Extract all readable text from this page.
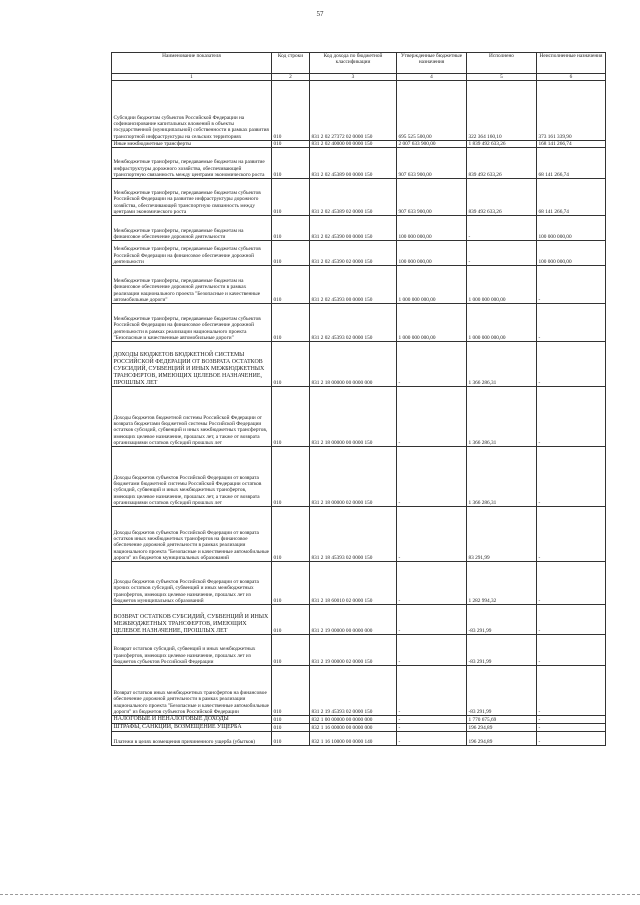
57
Наименование показателя	Код строки	Код дохода по бюджетной классификации	Утвержденные бюджетные назначения	Исполнено	Неисполненные назначения
1	2	3	4	5	6
Субсидии бюджетам субъектов Российской Федерации на софинансирование капитальных вложений в объекты государственной (муниципальной) собственности в рамках развития транспортной инфраструктуры на сельских территориях	010	831 2 02 27372 02 0000 150	695 525 500,00	322 364 160,10	373 161 339,90
Иные межбюджетные трансферты	010	831 2 02 40000 00 0000 150	2 007 633 900,00	1 839 492 633,26	168 141 266,74
Межбюджетные трансферты, передаваемые бюджетам на развитие инфраструктуры дорожного хозяйства, обеспечивающей транспортную связанность между центрами экономического роста	010	831 2 02 45389 00 0000 150	907 633 900,00	839 492 633,26	68 141 266,74
Межбюджетные трансферты, передаваемые бюджетам субъектов Российской Федерации на развитие инфраструктуры дорожного хозяйства, обеспечивающей транспортную связанность между центрами экономического роста	010	831 2 02 45389 02 0000 150	907 633 900,00	839 492 633,26	68 141 266,74
Межбюджетные трансферты, передаваемые бюджетам на финансовое обеспечение дорожной деятельности	010	831 2 02 45390 00 0000 150	100 000 000,00	-	100 000 000,00
Межбюджетные трансферты, передаваемые бюджетам субъектов Российской Федерации на финансовое обеспечение дорожной деятельности	010	831 2 02 45390 02 0000 150	100 000 000,00	-	100 000 000,00
Межбюджетные трансферты, передаваемые бюджетам на финансовое обеспечение дорожной деятельности в рамках реализации национального проекта "Безопасные и качественные автомобильные дороги"	010	831 2 02 45393 00 0000 150	1 000 000 000,00	1 000 000 000,00	-
Межбюджетные трансферты, передаваемые бюджетам субъектов Российской Федерации на финансовое обеспечение дорожной деятельности в рамках реализации национального проекта "Безопасные и качественные автомобильные дороги"	010	831 2 02 45393 02 0000 150	1 000 000 000,00	1 000 000 000,00	-
ДОХОДЫ БЮДЖЕТОВ БЮДЖЕТНОЙ СИСТЕМЫ РОССИЙСКОЙ ФЕДЕРАЦИИ ОТ ВОЗВРАТА ОСТАТКОВ СУБСИДИЙ, СУБВЕНЦИЙ И ИНЫХ МЕЖБЮДЖЕТНЫХ ТРАНСФЕРТОВ, ИМЕЮЩИХ ЦЕЛЕВОЕ НАЗНАЧЕНИЕ, ПРОШЛЫХ ЛЕТ	010	831 2 18 00000 00 0000 000	-	1 366 286,31	-
Доходы бюджетов бюджетной системы Российской Федерации от возврата бюджетами бюджетной системы Российской Федерации остатков субсидий, субвенций и иных межбюджетных трансфертов, имеющих целевое назначение, прошлых лет, а также от возврата организациями остатков субсидий прошлых лет	010	831 2 18 00000 00 0000 150	-	1 366 286,31	-
Доходы бюджетов субъектов Российской Федерации от возврата бюджетами бюджетной системы Российской Федерации остатков субсидий, субвенций и иных межбюджетных трансфертов, имеющих целевое назначение, прошлых лет, а также от возврата организациями остатков субсидий прошлых лет	010	831 2 18 00000 02 0000 150	-	1 366 286,31	-
Доходы бюджетов субъектов Российской Федерации от возврата остатков иных межбюджетных трансфертов на финансовое обеспечение дорожной деятельности в рамках реализации национального проекта "Безопасные и качественные автомобильные дороги" из бюджетов муниципальных образований	010	831 2 18 45393 02 0000 150	-	83 291,99	-
Доходы бюджетов субъектов Российской Федерации от возврата прочих остатков субсидий, субвенций и иных межбюджетных трансфертов, имеющих целевое назначение, прошлых лет из бюджетов муниципальных образований	010	831 2 18 60010 02 0000 150	-	1 282 994,32	-
ВОЗВРАТ ОСТАТКОВ СУБСИДИЙ, СУБВЕНЦИЙ И ИНЫХ МЕЖБЮДЖЕТНЫХ ТРАНСФЕРТОВ, ИМЕЮЩИХ ЦЕЛЕВОЕ НАЗНАЧЕНИЕ, ПРОШЛЫХ ЛЕТ	010	831 2 19 00000 00 0000 000	-	-83 291,99	-
Возврат остатков субсидий, субвенций и иных межбюджетных трансфертов, имеющих целевое назначение, прошлых лет из бюджетов субъектов Российской Федерации	010	831 2 19 00000 02 0000 150	-	-83 291,99	-
Возврат остатков иных межбюджетных трансфертов на финансовое обеспечение дорожной деятельности в рамках реализации национального проекта "Безопасные и качественные автомобильные дороги" из бюджетов субъектов Российской Федерации	010	831 2 19 45393 02 0000 150	-	-83 291,99	-
НАЛОГОВЫЕ И НЕНАЛОГОВЫЕ ДОХОДЫ	010	832 1 00 00000 00 0000 000	-	1 770 675,69	-
ШТРАФЫ, САНКЦИИ, ВОЗМЕЩЕНИЕ УЩЕРБА	010	832 1 16 00000 00 0000 000	-	196 294,89	-
Платежи в целях возмещения причиненного ущерба (убытков)	010	832 1 16 10000 00 0000 140	-	196 294,89	-
